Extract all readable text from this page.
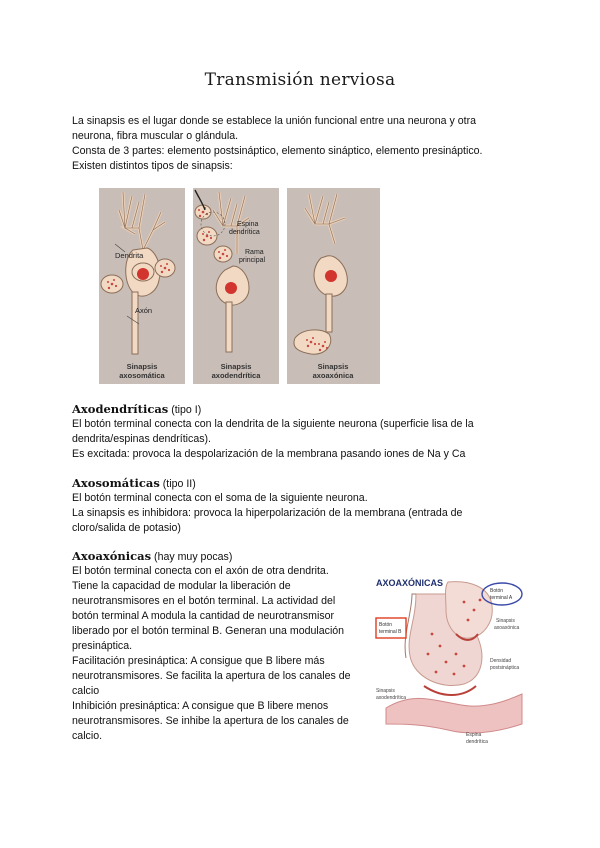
Transmisión nerviosa
La sinapsis es el lugar donde se establece la unión funcional entre una neurona y otra
neurona, fibra muscular o glándula.
Consta de 3 partes: elemento postsináptico, elemento sináptico, elemento presináptico.
Existen distintos tipos de sinapsis:
Dendrita
Axón
Sinapsis
axosomática
Espina
dendrítica
Rama
principal
Sinapsis
axodendrítica
Sinapsis
axoaxónica
Axodendríticas (tipo I)
El botón terminal conecta con la dendrita de la siguiente neurona (superficie lisa de la
dendrita/espinas dendríticas).
Es excitada: provoca la despolarización de la membrana pasando iones de Na y Ca
Axosomáticas (tipo II)
El botón terminal conecta con el soma de la siguiente neurona.
La sinapsis es inhibidora: provoca la hiperpolarización de la membrana (entrada de
cloro/salida de potasio)
Axoaxónicas (hay muy pocas)
El botón terminal conecta con el axón de otra dendrita.
Tiene la capacidad de modular la liberación de
neurotransmisores en el botón terminal. La actividad del
botón terminal A modula la cantidad de neurotransmisor
liberado por el botón terminal B. Generan una modulación
presináptica.
Facilitación presináptica: A consigue que B libere más
neurotransmisores. Se facilita la apertura de los canales de
calcio
Inhibición presináptica: A consigue que B libere menos
neurotransmisores. Se inhibe la apertura de los canales de
calcio.
AXOAXÓNICAS
Botón
terminal A
Botón
terminal B
Sinapsis
axoaxónica
Densidad
postsináptica
Sinapsis
axodendrítica
Espina
dendrítica
